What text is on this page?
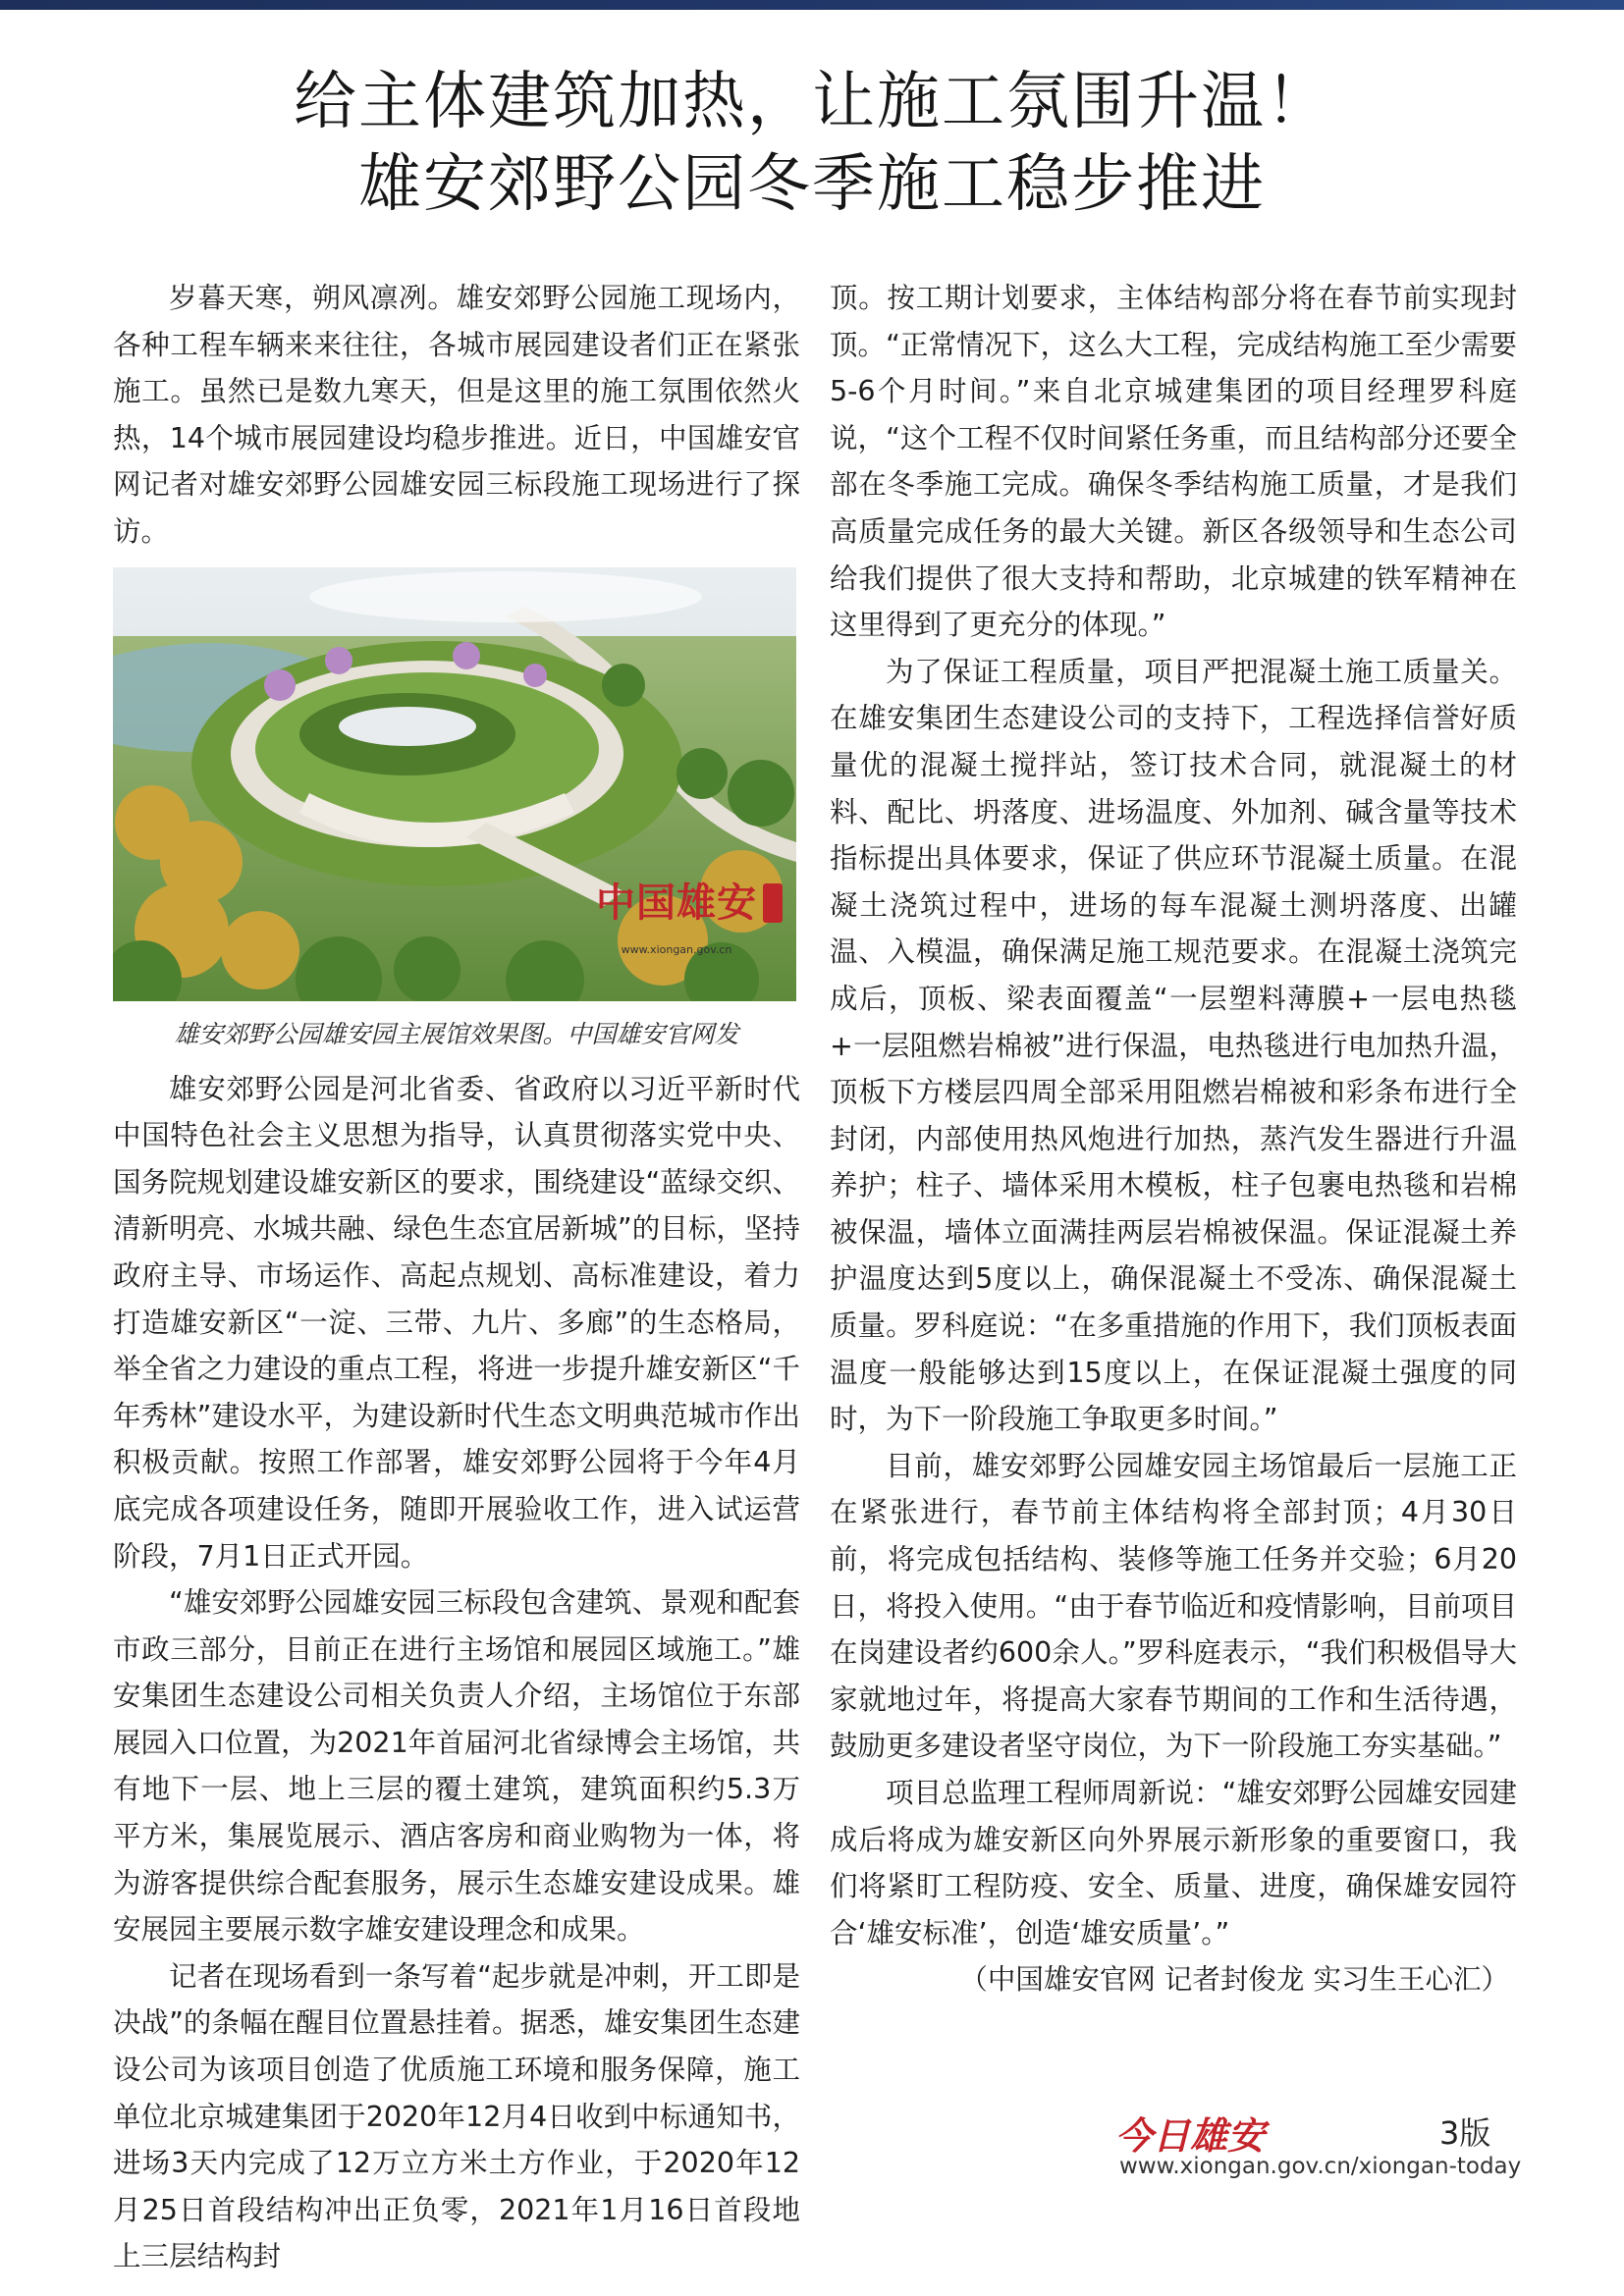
给主体建筑加热，让施工氛围升温！
雄安郊野公园冬季施工稳步推进

岁暮天寒，朔风凛冽。雄安郊野公园施工现场内，各种工程车辆来来往往，各城市展园建设者们正在紧张施工。虽然已是数九寒天，但是这里的施工氛围依然火热，14个城市展园建设均稳步推进。近日，中国雄安官网记者对雄安郊野公园雄安园三标段施工现场进行了探访。

中国雄安
www.xiongan.gov.cn
雄安郊野公园雄安园主展馆效果图。中国雄安官网发

雄安郊野公园是河北省委、省政府以习近平新时代中国特色社会主义思想为指导，认真贯彻落实党中央、国务院规划建设雄安新区的要求，围绕建设“蓝绿交织、清新明亮、水城共融、绿色生态宜居新城”的目标，坚持政府主导、市场运作、高起点规划、高标准建设，着力打造雄安新区“一淀、三带、九片、多廊”的生态格局，举全省之力建设的重点工程，将进一步提升雄安新区“千年秀林”建设水平，为建设新时代生态文明典范城市作出积极贡献。按照工作部署，雄安郊野公园将于今年4月底完成各项建设任务，随即开展验收工作，进入试运营阶段，7月1日正式开园。

“雄安郊野公园雄安园三标段包含建筑、景观和配套市政三部分，目前正在进行主场馆和展园区域施工。”雄安集团生态建设公司相关负责人介绍，主场馆位于东部展园入口位置，为2021年首届河北省绿博会主场馆，共有地下一层、地上三层的覆土建筑，建筑面积约5.3万平方米，集展览展示、酒店客房和商业购物为一体，将为游客提供综合配套服务，展示生态雄安建设成果。雄安展园主要展示数字雄安建设理念和成果。

记者在现场看到一条写着“起步就是冲刺，开工即是决战”的条幅在醒目位置悬挂着。据悉，雄安集团生态建设公司为该项目创造了优质施工环境和服务保障，施工单位北京城建集团于2020年12月4日收到中标通知书，进场3天内完成了12万立方米土方作业，于2020年12月25日首段结构冲出正负零，2021年1月16日首段地上三层结构封

顶。按工期计划要求，主体结构部分将在春节前实现封顶。“正常情况下，这么大工程，完成结构施工至少需要5-6个月时间。”来自北京城建集团的项目经理罗科庭说，“这个工程不仅时间紧任务重，而且结构部分还要全部在冬季施工完成。确保冬季结构施工质量，才是我们高质量完成任务的最大关键。新区各级领导和生态公司给我们提供了很大支持和帮助，北京城建的铁军精神在这里得到了更充分的体现。”

为了保证工程质量，项目严把混凝土施工质量关。在雄安集团生态建设公司的支持下，工程选择信誉好质量优的混凝土搅拌站，签订技术合同，就混凝土的材料、配比、坍落度、进场温度、外加剂、碱含量等技术指标提出具体要求，保证了供应环节混凝土质量。在混凝土浇筑过程中，进场的每车混凝土测坍落度、出罐温、入模温，确保满足施工规范要求。在混凝土浇筑完成后，顶板、梁表面覆盖“一层塑料薄膜+一层电热毯+一层阻燃岩棉被”进行保温，电热毯进行电加热升温，顶板下方楼层四周全部采用阻燃岩棉被和彩条布进行全封闭，内部使用热风炮进行加热，蒸汽发生器进行升温养护；柱子、墙体采用木模板，柱子包裹电热毯和岩棉被保温，墙体立面满挂两层岩棉被保温。保证混凝土养护温度达到5度以上，确保混凝土不受冻、确保混凝土质量。罗科庭说：“在多重措施的作用下，我们顶板表面温度一般能够达到15度以上，在保证混凝土强度的同时，为下一阶段施工争取更多时间。”

目前，雄安郊野公园雄安园主场馆最后一层施工正在紧张进行，春节前主体结构将全部封顶；4月30日前，将完成包括结构、装修等施工任务并交验；6月20日，将投入使用。“由于春节临近和疫情影响，目前项目在岗建设者约600余人。”罗科庭表示，“我们积极倡导大家就地过年，将提高大家春节期间的工作和生活待遇，鼓励更多建设者坚守岗位，为下一阶段施工夯实基础。”

项目总监理工程师周新说：“雄安郊野公园雄安园建成后将成为雄安新区向外界展示新形象的重要窗口，我们将紧盯工程防疫、安全、质量、进度，确保雄安园符合‘雄安标准’，创造‘雄安质量’。”

（中国雄安官网 记者封俊龙 实习生王心汇）

今日雄安	3版
www.xiongan.gov.cn/xiongan-today
